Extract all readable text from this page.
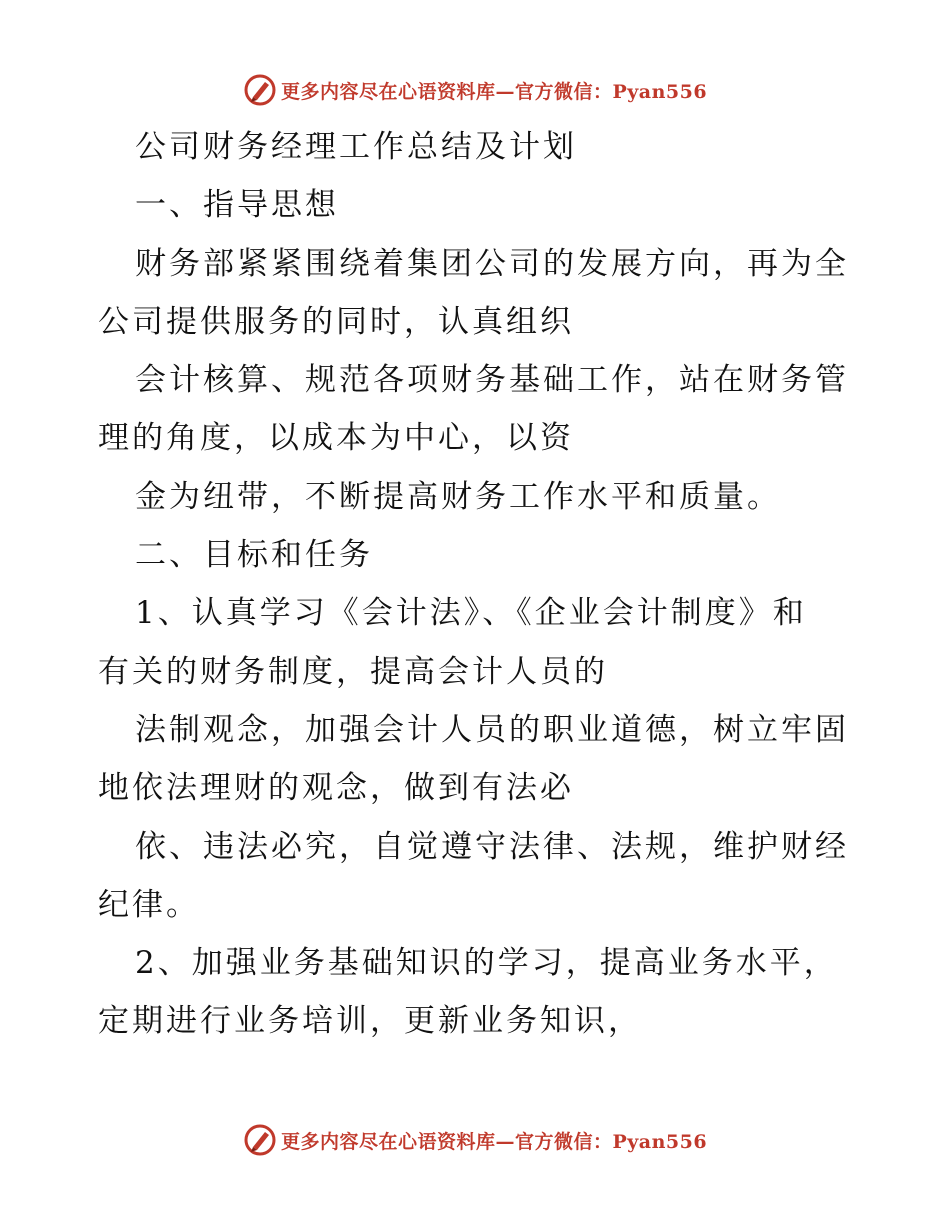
更多内容尽在心语资料库—官方微信：Pyan556
公司财务经理工作总结及计划
一、指导思想
财务部紧紧围绕着集团公司的发展方向，再为全
公司提供服务的同时，认真组织
会计核算、规范各项财务基础工作，站在财务管
理的角度，以成本为中心，以资
金为纽带，不断提高财务工作水平和质量。
二、目标和任务
1、认真学习《会计法》、《企业会计制度》和
有关的财务制度，提高会计人员的
法制观念，加强会计人员的职业道德，树立牢固
地依法理财的观念，做到有法必
依、违法必究，自觉遵守法律、法规，维护财经
纪律。
2、加强业务基础知识的学习，提高业务水平，
定期进行业务培训，更新业务知识，
更多内容尽在心语资料库—官方微信：Pyan556
